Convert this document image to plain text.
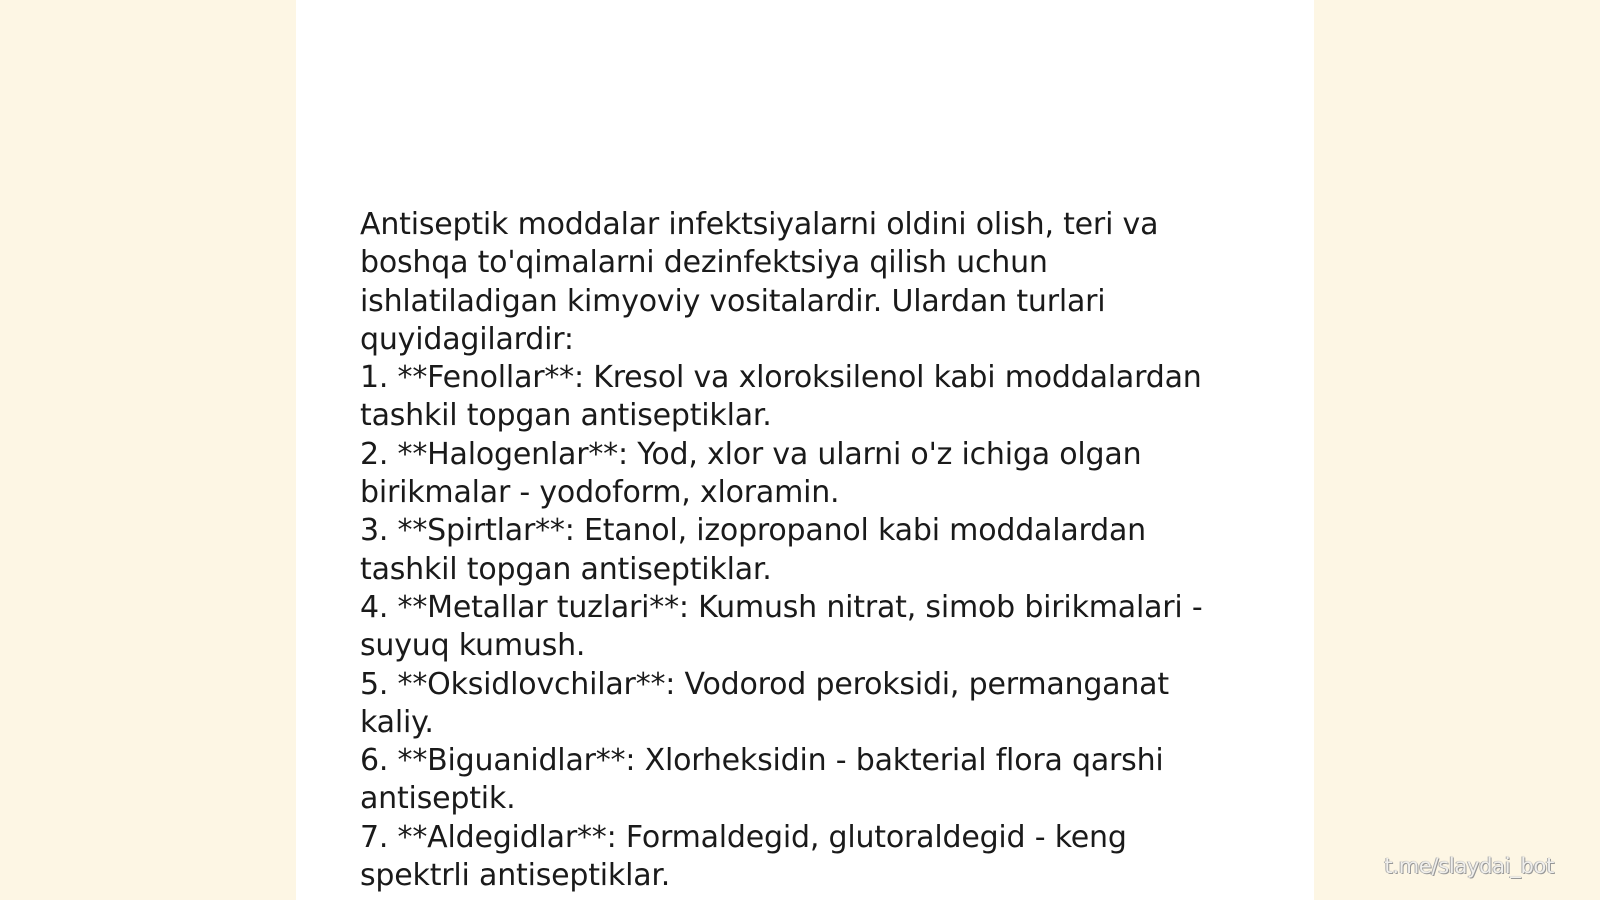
Antiseptik moddalar infektsiyalarni oldini olish, teri va
boshqa to'qimalarni dezinfektsiya qilish uchun
ishlatiladigan kimyoviy vositalardir. Ulardan turlari
quyidagilardir:

1. **Fenollar**: Kresol va xloroksilenol kabi moddalardan
tashkil topgan antiseptiklar.

2. **Halogenlar**: Yod, xlor va ularni o'z ichiga olgan
birikmalar - yodoform, xloramin.

3. **Spirtlar**: Etanol, izopropanol kabi moddalardan
tashkil topgan antiseptiklar.

4. **Metallar tuzlari**: Kumush nitrat, simob birikmalari -
suyuq kumush.

5. **Oksidlovchilar**: Vodorod peroksidi, permanganat
kaliy.

6. **Biguanidlar**: Xlorheksidin - bakterial flora qarshi
antiseptik.

7. **Aldegidlar**: Formaldegid, glutoraldegid - keng
spektrli antiseptiklar.	t.me/slaydai_bot
